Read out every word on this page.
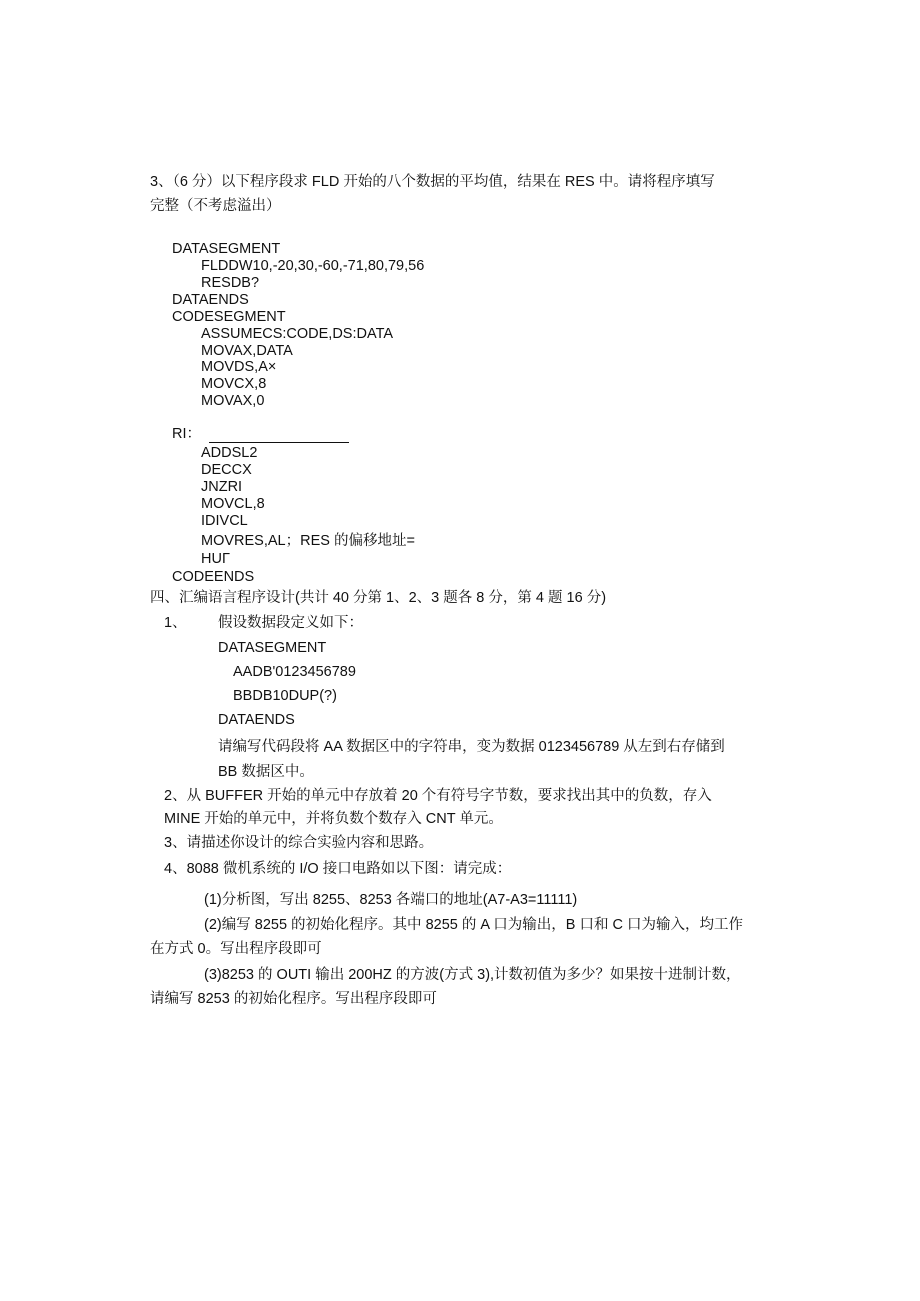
3、（6 分）以下程序段求 FLD 开始的八个数据的平均值，结果在 RES 中。请将程序填写
完整（不考虑溢出）
DATASEGMENT
FLDDW10,-20,30,-60,-71,80,79,56
RESDB?
DATAENDS
CODESEGMENT
ASSUMECS:CODE,DS:DATA
MOVAX,DATA
MOVDS,A×
MOVCX,8
MOVAX,0
RI：
ADDSL2
DECCX
JNZRI
MOVCL,8
IDIVCL
MOVRES,AL；RES 的偏移地址=
HUΓ
CODEENDS
四、汇编语言程序设计(共计 40 分第 1、2、3 题各 8 分，第 4 题 16 分)
1、 假设数据段定义如下：
DATASEGMENT
AADB'0123456789
BBDB10DUP(?)
DATAENDS
请编写代码段将 AA 数据区中的字符串，变为数据 0123456789 从左到右存储到
BB 数据区中。
2、从 BUFFER 开始的单元中存放着 20 个有符号字节数，要求找出其中的负数，存入
MINE 开始的单元中，并将负数个数存入 CNT 单元。
3、请描述你设计的综合实验内容和思路。
4、8088 微机系统的 I/O 接口电路如以下图：请完成：
(1)分析图，写出 8255、8253 各端口的地址(A7-A3=11111)
(2)编写 8255 的初始化程序。其中 8255 的 A 口为输出，B 口和 C 口为输入，均工作
在方式 0。写出程序段即可
(3)8253 的 OUTI 输出 200HZ 的方波(方式 3),计数初值为多少？如果按十进制计数，
请编写 8253 的初始化程序。写出程序段即可
